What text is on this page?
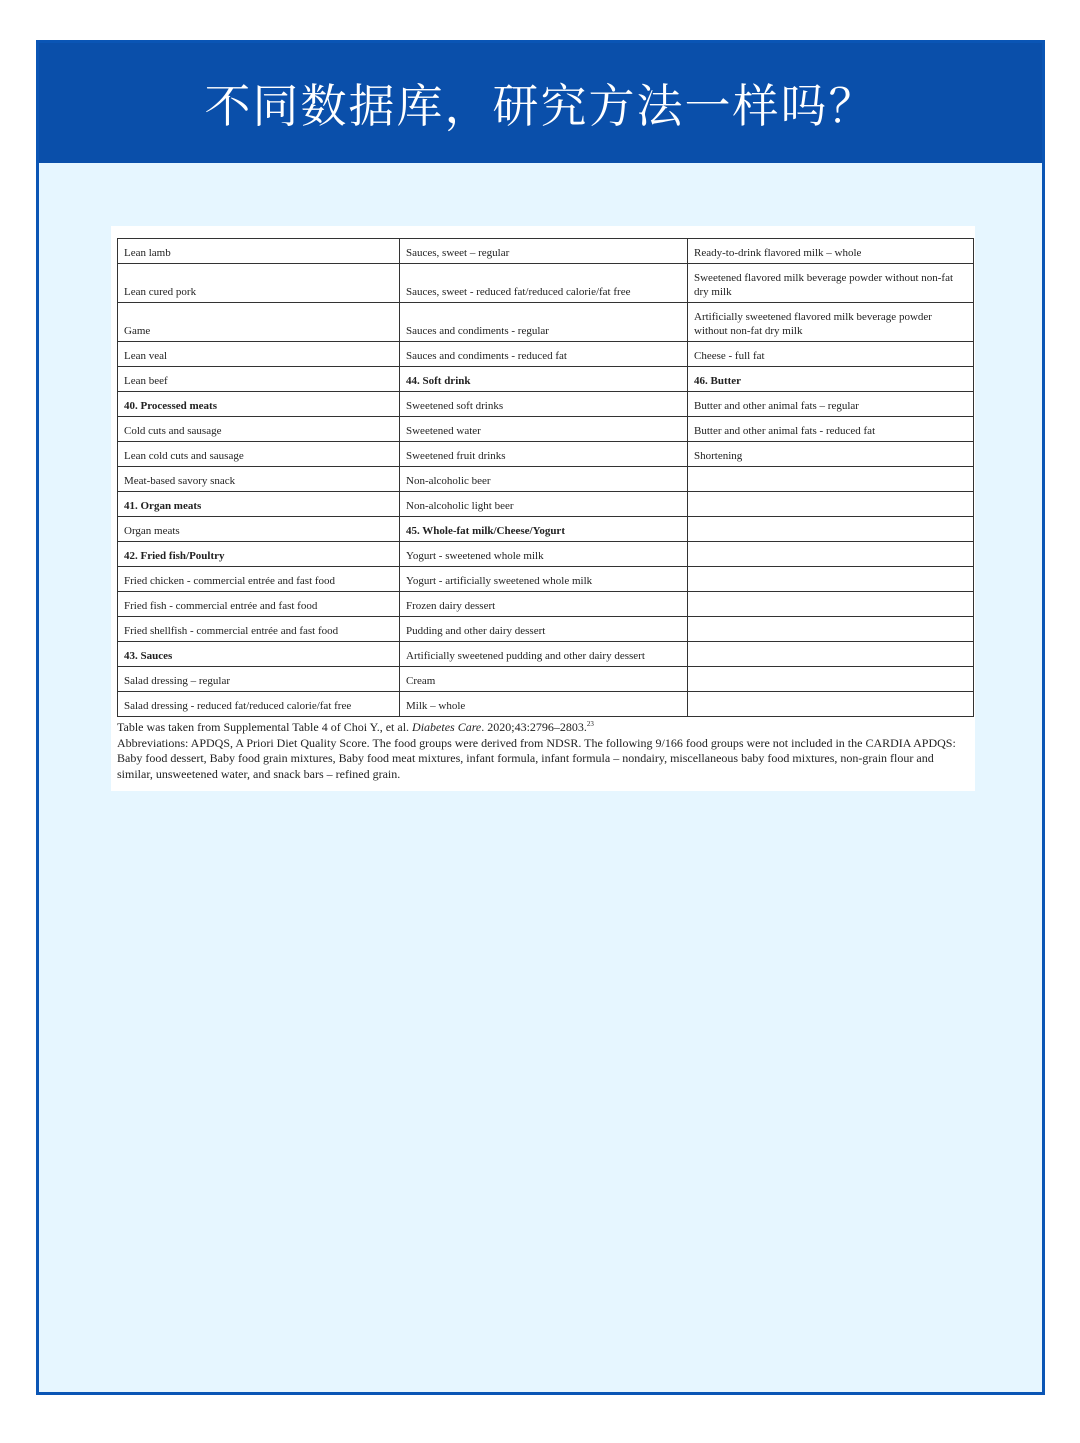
不同数据库，研究方法一样吗？
Lean lamb	Sauces, sweet – regular	Ready-to-drink flavored milk – whole
Lean cured pork	Sauces, sweet - reduced fat/reduced calorie/fat free	Sweetened flavored milk beverage powder without non-fat dry milk
Game	Sauces and condiments - regular	Artificially sweetened flavored milk beverage powder without non-fat dry milk
Lean veal	Sauces and condiments - reduced fat	Cheese - full fat
Lean beef	44. Soft drink	46. Butter
40. Processed meats	Sweetened soft drinks	Butter and other animal fats – regular
Cold cuts and sausage	Sweetened water	Butter and other animal fats - reduced fat
Lean cold cuts and sausage	Sweetened fruit drinks	Shortening
Meat-based savory snack	Non-alcoholic beer	
41. Organ meats	Non-alcoholic light beer	
Organ meats	45. Whole-fat milk/Cheese/Yogurt	
42. Fried fish/Poultry	Yogurt - sweetened whole milk	
Fried chicken - commercial entrée and fast food	Yogurt - artificially sweetened whole milk	
Fried fish - commercial entrée and fast food	Frozen dairy dessert	
Fried shellfish - commercial entrée and fast food	Pudding and other dairy dessert	
43. Sauces	Artificially sweetened pudding and other dairy dessert	
Salad dressing – regular	Cream	
Salad dressing - reduced fat/reduced calorie/fat free	Milk – whole	

Table was taken from Supplemental Table 4 of Choi Y., et al. Diabetes Care. 2020;43:2796–2803.23

Abbreviations: APDQS, A Priori Diet Quality Score. The food groups were derived from NDSR. The following 9/166 food groups were not included in the CARDIA APDQS: Baby food dessert, Baby food grain mixtures, Baby food meat mixtures, infant formula, infant formula – nondairy, miscellaneous baby food mixtures, non-grain flour and similar, unsweetened water, and snack bars – refined grain.
